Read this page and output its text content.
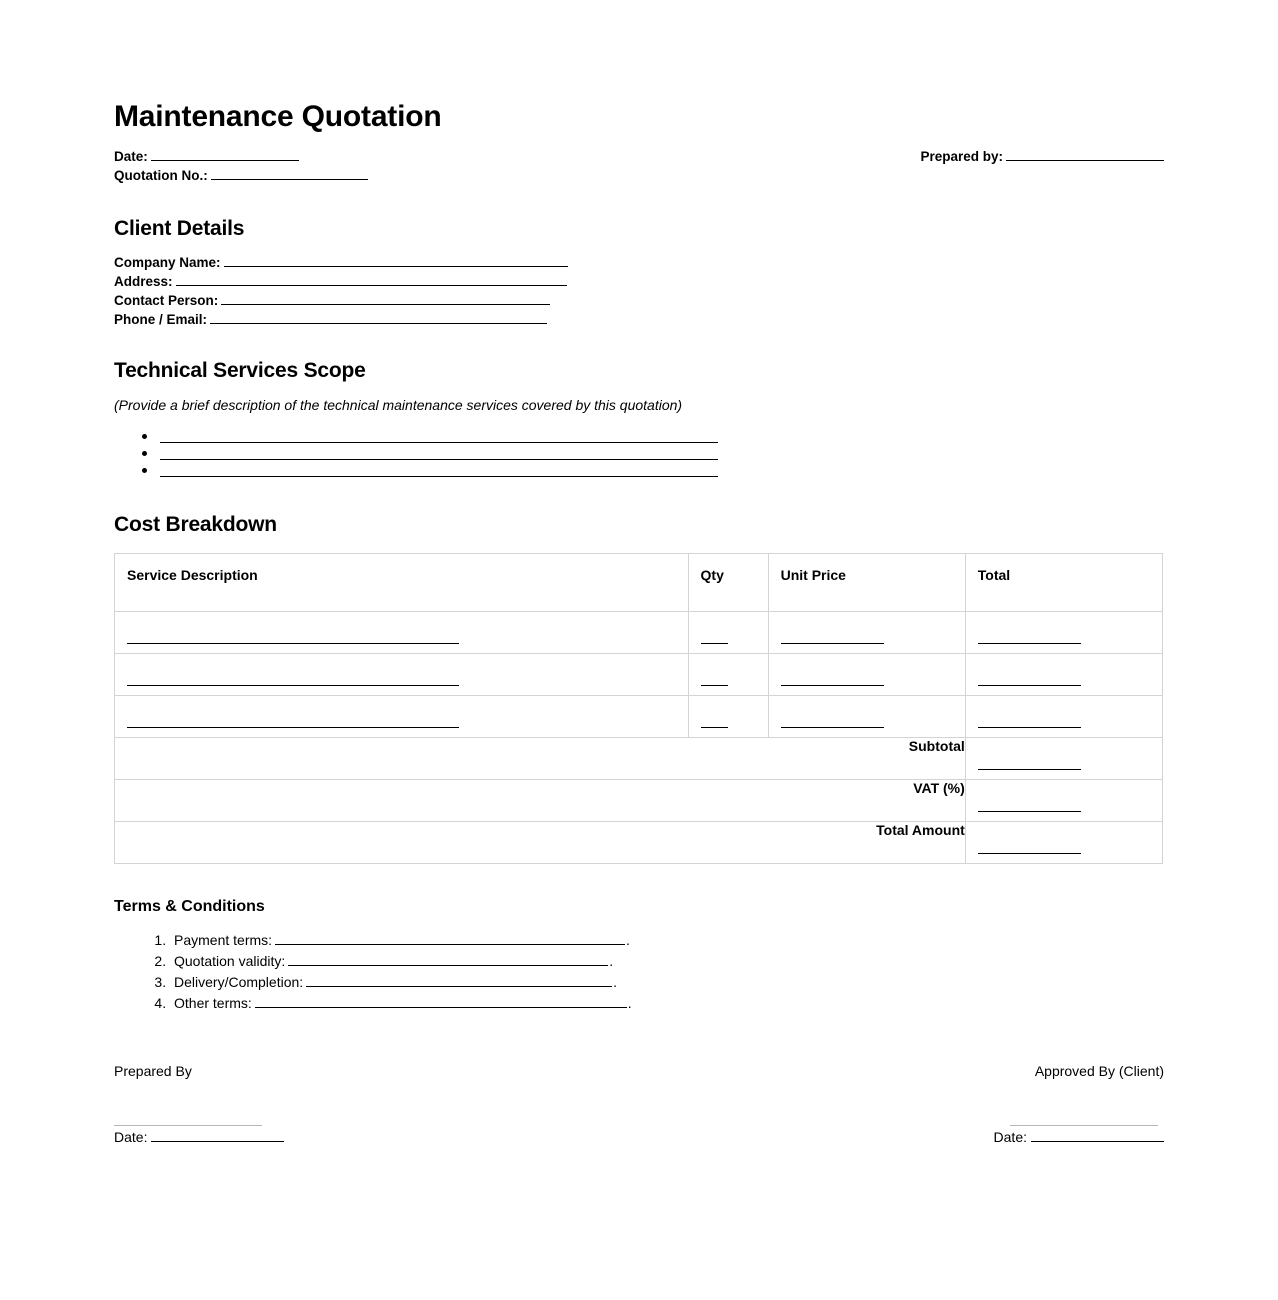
Maintenance Quotation
Date:
Quotation No.:
Prepared by:
Client Details
Company Name:
Address:
Contact Person:
Phone / Email:
Technical Services Scope
(Provide a brief description of the technical maintenance services covered by this quotation)
Cost Breakdown
Service Description	Qty	Unit Price	Total

Subtotal			

VAT (%)			

Total Amount			
Terms & Conditions
1. Payment terms:	.
2. Quotation validity:	.
3. Delivery/Completion:	.
4. Other terms:	.
Prepared By
Date:
Approved By (Client)
Date:
